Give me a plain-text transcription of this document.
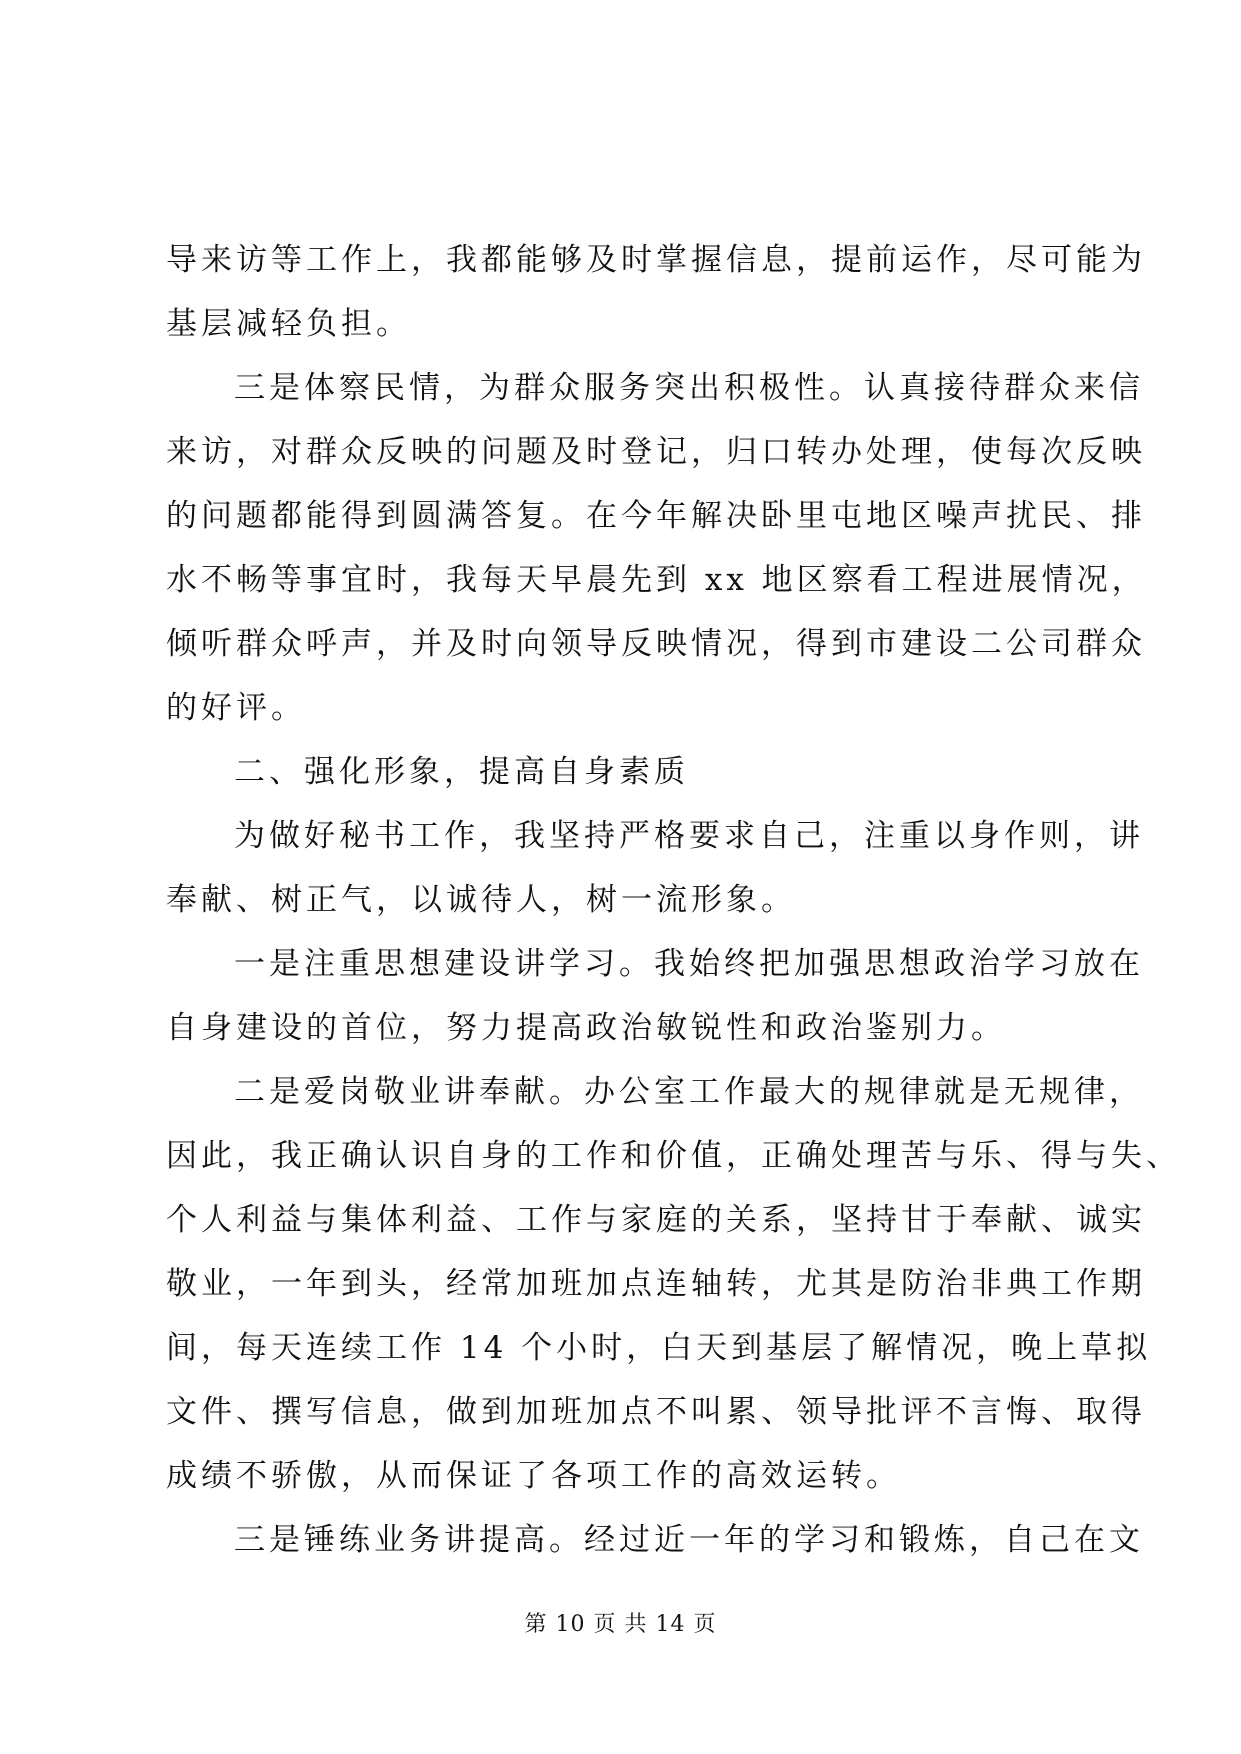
导来访等工作上，我都能够及时掌握信息，提前运作，尽可能为
基层减轻负担。
三是体察民情，为群众服务突出积极性。认真接待群众来信
来访，对群众反映的问题及时登记，归口转办处理，使每次反映
的问题都能得到圆满答复。在今年解决卧里屯地区噪声扰民、排
水不畅等事宜时，我每天早晨先到 xx 地区察看工程进展情况，
倾听群众呼声，并及时向领导反映情况，得到市建设二公司群众
的好评。
二、强化形象，提高自身素质
为做好秘书工作，我坚持严格要求自己，注重以身作则，讲
奉献、树正气，以诚待人，树一流形象。
一是注重思想建设讲学习。我始终把加强思想政治学习放在
自身建设的首位，努力提高政治敏锐性和政治鉴别力。
二是爱岗敬业讲奉献。办公室工作最大的规律就是无规律，
因此，我正确认识自身的工作和价值，正确处理苦与乐、得与失、
个人利益与集体利益、工作与家庭的关系，坚持甘于奉献、诚实
敬业，一年到头，经常加班加点连轴转，尤其是防治非典工作期
间，每天连续工作 14 个小时，白天到基层了解情况，晚上草拟
文件、撰写信息，做到加班加点不叫累、领导批评不言悔、取得
成绩不骄傲，从而保证了各项工作的高效运转。
三是锤练业务讲提高。经过近一年的学习和锻炼，自己在文
第 10 页 共 14 页
